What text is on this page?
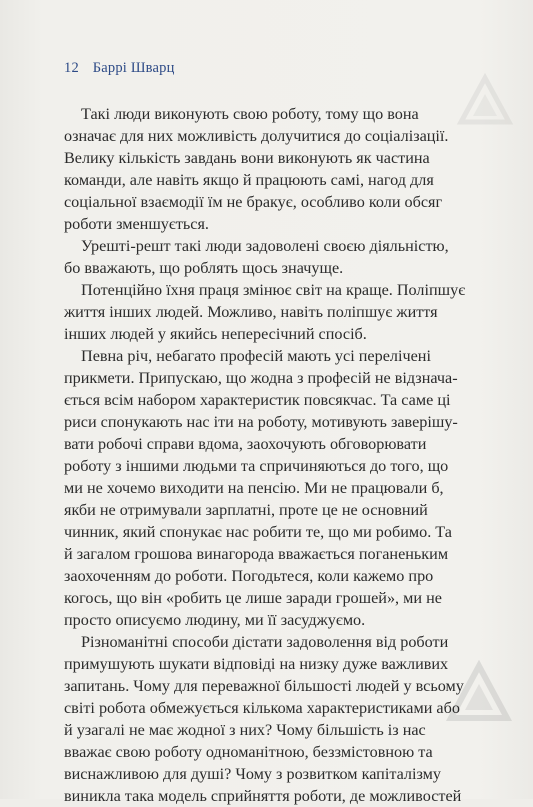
12 Баррі Шварц
Такі люди виконують свою роботу, тому що вона
означає для них можливість долучитися до соціалізації.
Велику кількість завдань вони виконують як частина
команди, але навіть якщо й працюють самі, нагод для
соціальної взаємодії їм не бракує, особливо коли обсяг
роботи зменшується.
Урешті-решт такі люди задоволені своєю діяльністю,
бо вважають, що роблять щось значуще.
Потенційно їхня праця змінює світ на краще. Поліпшує
життя інших людей. Можливо, навіть поліпшує життя
інших людей у якийсь непересічний спосіб.
Певна річ, небагато професій мають усі перелічені
прикмети. Припускаю, що жодна з професій не відзнача-
ється всім набором характеристик повсякчас. Та саме ці
риси спонукають нас іти на роботу, мотивують заверішу-
вати робочі справи вдома, заохочують обговорювати
роботу з іншими людьми та спричиняються до того, що
ми не хочемо виходити на пенсію. Ми не працювали б,
якби не отримували зарплатні, проте це не основний
чинник, який спонукає нас робити те, що ми робимо. Та
й загалом грошова винагорода вважається поганеньким
заохоченням до роботи. Погодьтеся, коли кажемо про
когось, що він «робить це лише заради грошей», ми не
просто описуємо людину, ми її засуджуємо.
Різноманітні способи дістати задоволення від роботи
примушують шукати відповіді на низку дуже важливих
запитань. Чому для переважної більшості людей у всьому
світі робота обмежується кількома характеристиками або
й узагалі не має жодної з них? Чому більшість із нас
вважає свою роботу одноманітною, беззмістовною та
виснажливою для душі? Чому з розвитком капіталізму
виникла така модель сприйняття роботи, де можливостей
